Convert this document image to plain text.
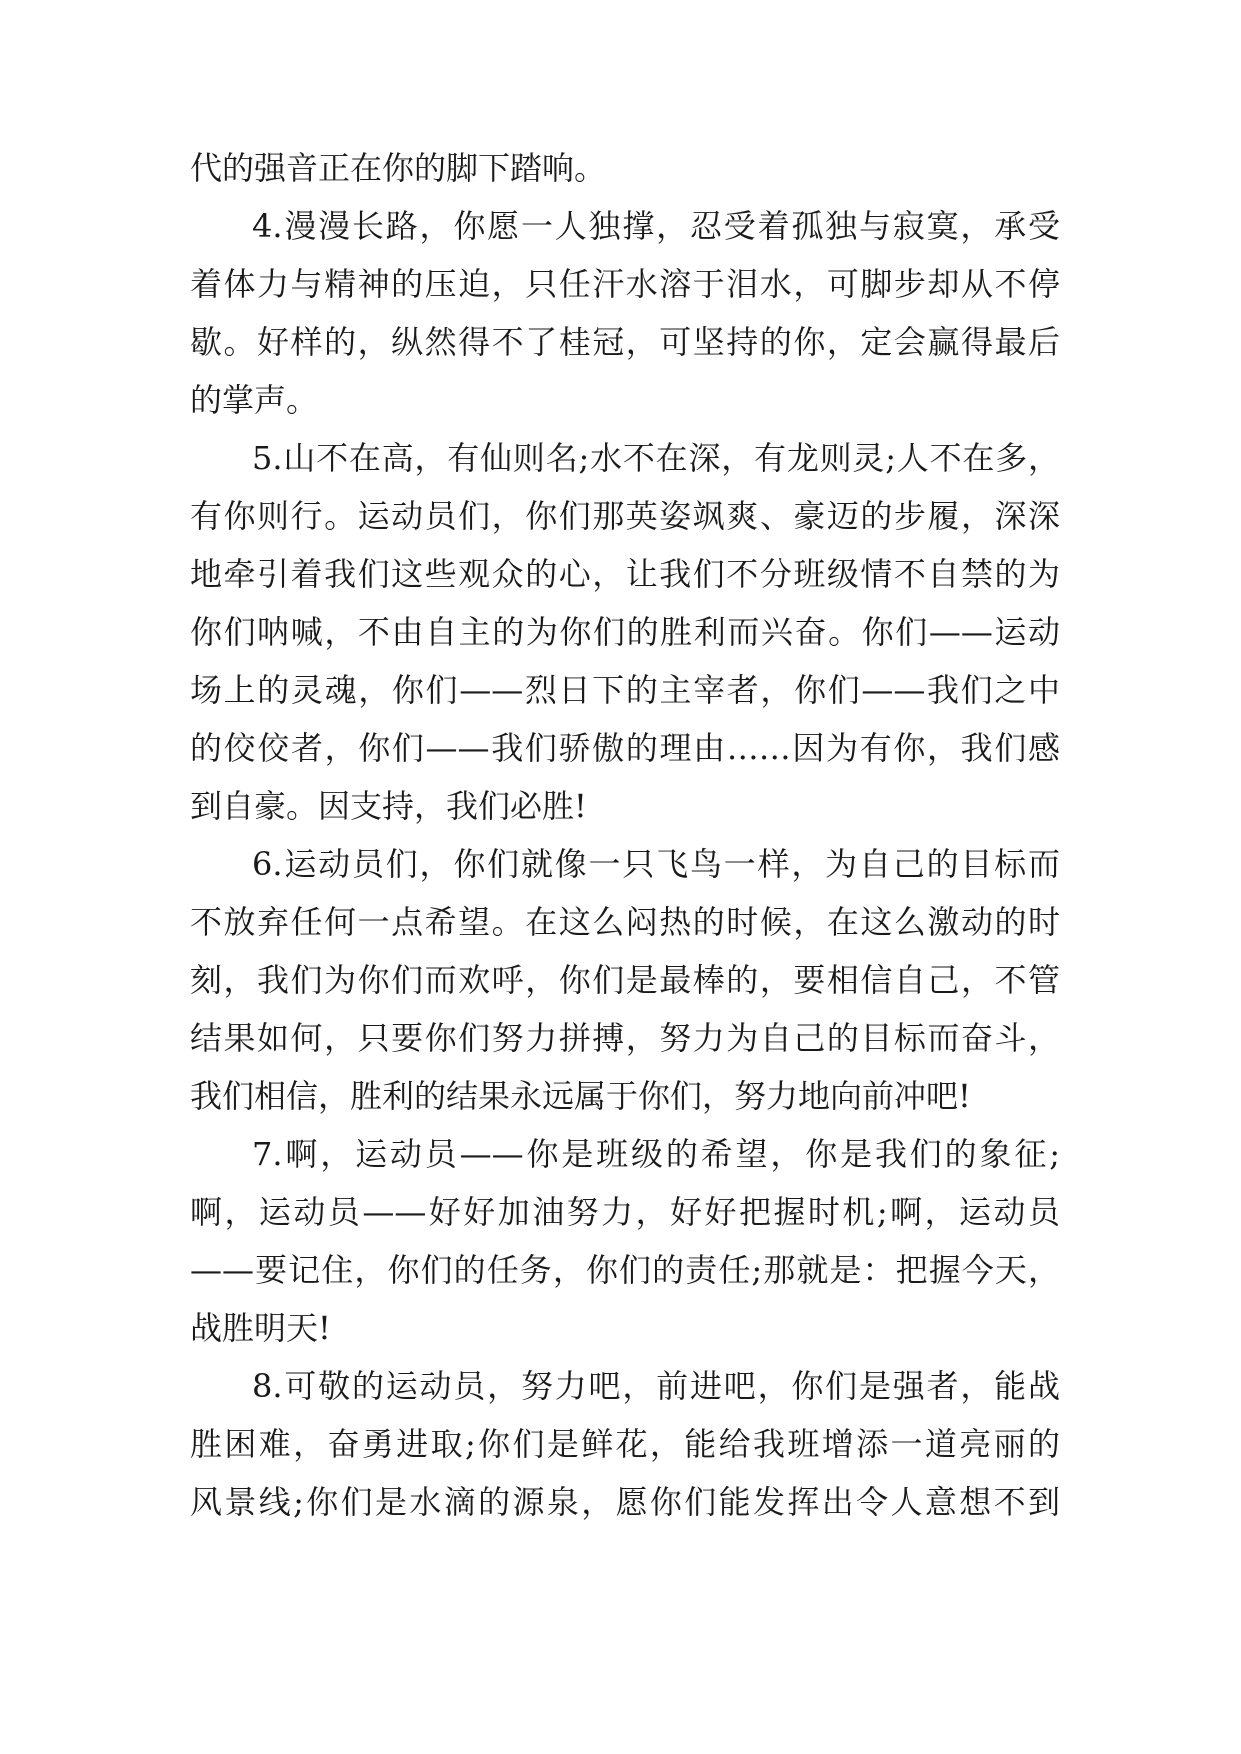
代的强音正在你的脚下踏响。
4.漫漫长路，你愿一人独撑，忍受着孤独与寂寞，承受
着体力与精神的压迫，只任汗水溶于泪水，可脚步却从不停
歇。好样的，纵然得不了桂冠，可坚持的你，定会赢得最后
的掌声。
5.山不在高，有仙则名;水不在深，有龙则灵;人不在多，
有你则行。运动员们，你们那英姿飒爽、豪迈的步履，深深
地牵引着我们这些观众的心，让我们不分班级情不自禁的为
你们呐喊，不由自主的为你们的胜利而兴奋。你们——运动
场上的灵魂，你们——烈日下的主宰者，你们——我们之中
的佼佼者，你们——我们骄傲的理由……因为有你，我们感
到自豪。因支持，我们必胜!
6.运动员们，你们就像一只飞鸟一样，为自己的目标而
不放弃任何一点希望。在这么闷热的时候，在这么激动的时
刻，我们为你们而欢呼，你们是最棒的，要相信自己，不管
结果如何，只要你们努力拼搏，努力为自己的目标而奋斗，
我们相信，胜利的结果永远属于你们，努力地向前冲吧!
7.啊，运动员——你是班级的希望，你是我们的象征;
啊，运动员——好好加油努力，好好把握时机;啊，运动员
——要记住，你们的任务，你们的责任;那就是：把握今天，
战胜明天!
8.可敬的运动员，努力吧，前进吧，你们是强者，能战
胜困难，奋勇进取;你们是鲜花，能给我班增添一道亮丽的
风景线;你们是水滴的源泉，愿你们能发挥出令人意想不到
